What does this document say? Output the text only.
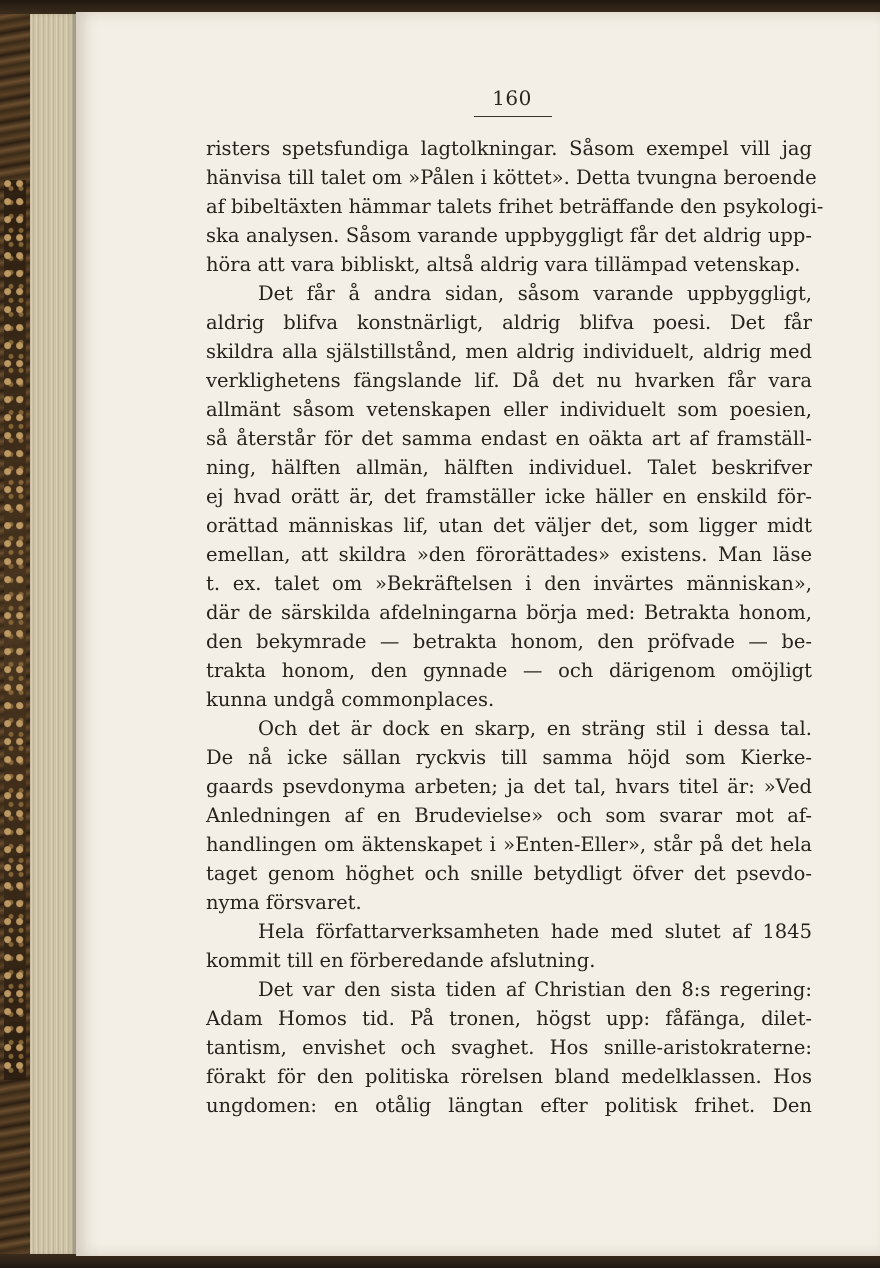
160
risters spetsfundiga lagtolkningar. Såsom exempel vill jag
hänvisa till talet om »Pålen i köttet». Detta tvungna beroende
af bibeltäxten hämmar talets frihet beträffande den psykologi-
ska analysen. Såsom varande uppbyggligt får det aldrig upp-
höra att vara bibliskt, altså aldrig vara tillämpad vetenskap.
Det får å andra sidan, såsom varande uppbyggligt,
aldrig blifva konstnärligt, aldrig blifva poesi. Det får
skildra alla själstillstånd, men aldrig individuelt, aldrig med
verklighetens fängslande lif. Då det nu hvarken får vara
allmänt såsom vetenskapen eller individuelt som poesien,
så återstår för det samma endast en oäkta art af framställ-
ning, hälften allmän, hälften individuel. Talet beskrifver
ej hvad orätt är, det framställer icke häller en enskild för-
orättad människas lif, utan det väljer det, som ligger midt
emellan, att skildra »den förorättades» existens. Man läse
t. ex. talet om »Bekräftelsen i den invärtes människan»,
där de särskilda afdelningarna börja med: Betrakta honom,
den bekymrade — betrakta honom, den pröfvade — be-
trakta honom, den gynnade — och därigenom omöjligt
kunna undgå commonplaces.
Och det är dock en skarp, en sträng stil i dessa tal.
De nå icke sällan ryckvis till samma höjd som Kierke-
gaards psevdonyma arbeten; ja det tal, hvars titel är: »Ved
Anledningen af en Brudevielse» och som svarar mot af-
handlingen om äktenskapet i »Enten-Eller», står på det hela
taget genom höghet och snille betydligt öfver det psevdo-
nyma försvaret.
Hela författarverksamheten hade med slutet af 1845
kommit till en förberedande afslutning.
Det var den sista tiden af Christian den 8:s regering:
Adam Homos tid. På tronen, högst upp: fåfänga, dilet-
tantism, envishet och svaghet. Hos snille-aristokraterne:
förakt för den politiska rörelsen bland medelklassen. Hos
ungdomen: en otålig längtan efter politisk frihet. Den
